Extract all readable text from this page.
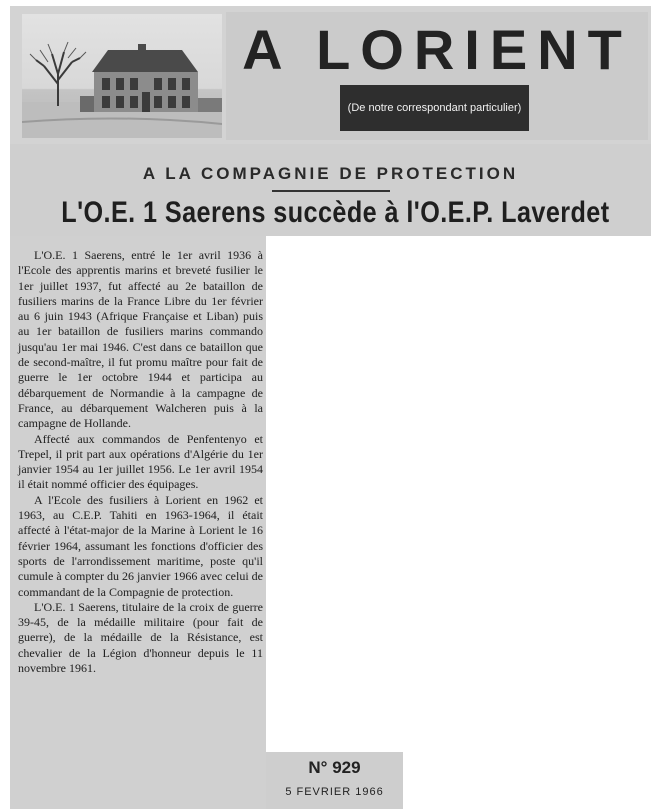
A LORIENT
(De notre correspondant particulier)
A LA COMPAGNIE DE PROTECTION
L'O.E. 1 Saerens succède à l'O.E.P. Laverdet

L'O.E. 1 Saerens, entré le 1er avril 1936 à l'Ecole des apprentis marins et breveté fusilier le 1er juillet 1937, fut affecté au 2e bataillon de fusiliers marins de la France Libre du 1er février au 6 juin 1943 (Afrique Française et Liban) puis au 1er bataillon de fusiliers marins commando jusqu'au 1er mai 1946. C'est dans ce bataillon que de second-maître, il fut promu maître pour fait de guerre le 1er octobre 1944 et participa au débarquement de Normandie à la campagne de France, au débarquement Walcheren puis à la campagne de Hollande.

Affecté aux commandos de Penfentenyo et Trepel, il prit part aux opérations d'Algérie du 1er janvier 1954 au 1er juillet 1956. Le 1er avril 1954 il était nommé officier des équipages.

A l'Ecole des fusiliers à Lorient en 1962 et 1963, au C.E.P. Tahiti en 1963-1964, il était affecté à l'état-major de la Marine à Lorient le 16 février 1964, assumant les fonctions d'officier des sports de l'arrondissement maritime, poste qu'il cumule à compter du 26 janvier 1966 avec celui de commandant de la Compagnie de protection.

L'O.E. 1 Saerens, titulaire de la croix de guerre 39-45, de la médaille militaire (pour fait de guerre), de la médaille de la Résistance, est chevalier de la Légion d'honneur depuis le 11 novembre 1961.

N° 929
5 FEVRIER 1966
